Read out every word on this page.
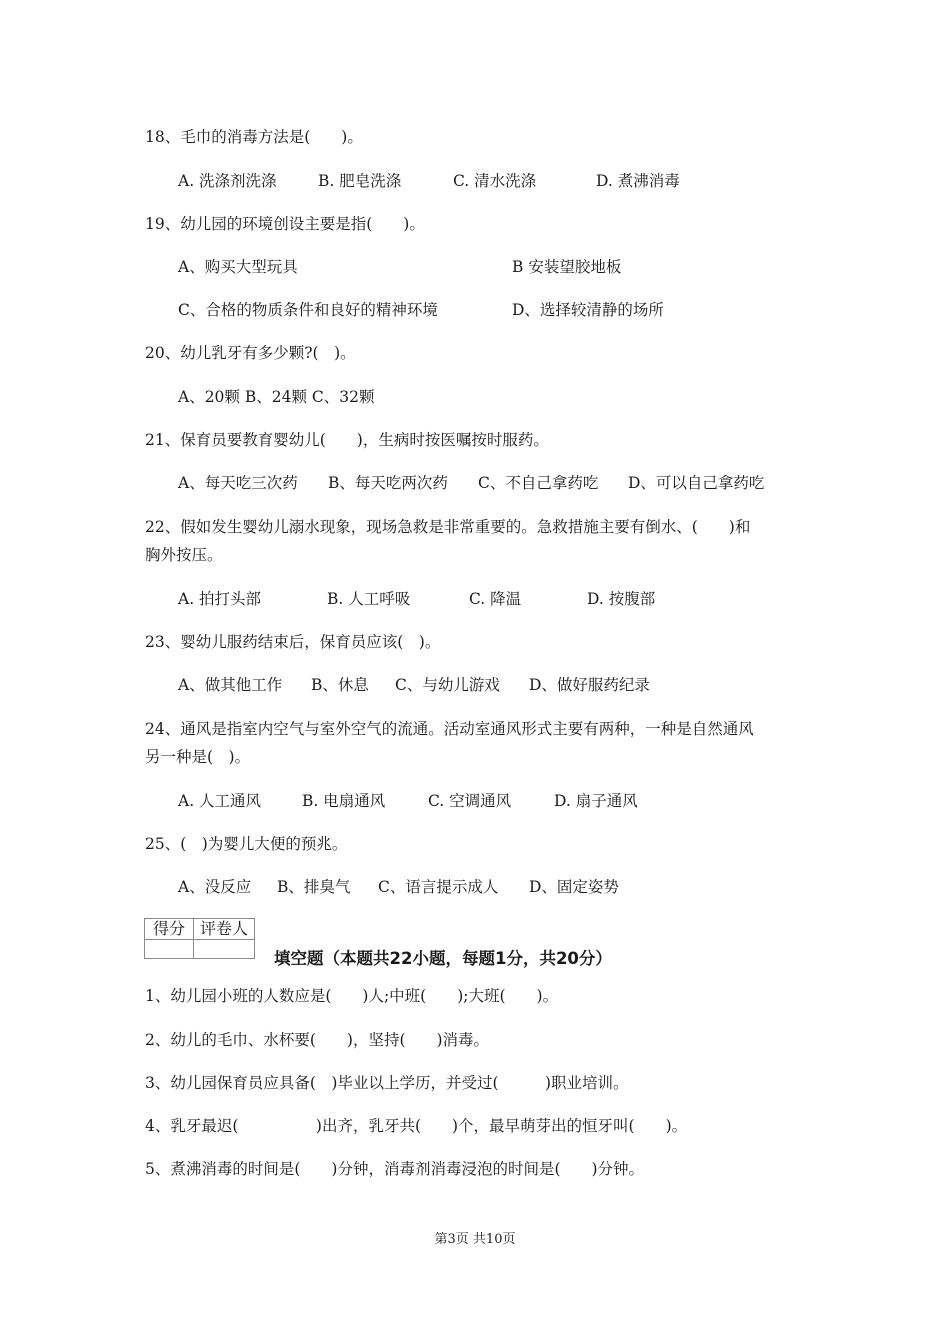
18、毛巾的消毒方法是(　　)。
A. 洗涤剂洗涤	B. 肥皂洗涤	C. 清水洗涤	D. 煮沸消毒
19、幼儿园的环境创设主要是指(　　)。
A、购买大型玩具	B 安装望胶地板
C、合格的物质条件和良好的精神环境	D、选择较清静的场所
20、幼儿乳牙有多少颗?(　)。
A、20颗 B、24颗 C、32颗
21、保育员要教育婴幼儿(　　)，生病时按医嘱按时服药。
A、每天吃三次药 B、每天吃两次药 C、不自己拿药吃 D、可以自己拿药吃
22、假如发生婴幼儿溺水现象，现场急救是非常重要的。急救措施主要有倒水、(　　)和
胸外按压。
A. 拍打头部	B. 人工呼吸	C. 降温	D. 按腹部
23、婴幼儿服药结束后，保育员应该(　)。
A、做其他工作 B、休息 C、与幼儿游戏 D、做好服药纪录
24、通风是指室内空气与室外空气的流通。活动室通风形式主要有两种，一种是自然通风
另一种是(　)。
A. 人工通风	B. 电扇通风	C. 空调通风	D. 扇子通风
25、(　)为婴儿大便的预兆。
A、没反应 B、排臭气 C、语言提示成人 D、固定姿势
得分	评卷人

填空题（本题共22小题，每题1分，共20分）
1、幼儿园小班的人数应是(　　)人;中班(　　);大班(　　)。
2、幼儿的毛巾、水杯要(　　)，坚持(　　)消毒。
3、幼儿园保育员应具备(　)毕业以上学历，并受过(　　　)职业培训。
4、乳牙最迟(　　　　　)出齐，乳牙共(　　)个，最早萌芽出的恒牙叫(　　)。
5、煮沸消毒的时间是(　　)分钟，消毒剂消毒浸泡的时间是(　　)分钟。
第3页 共10页
